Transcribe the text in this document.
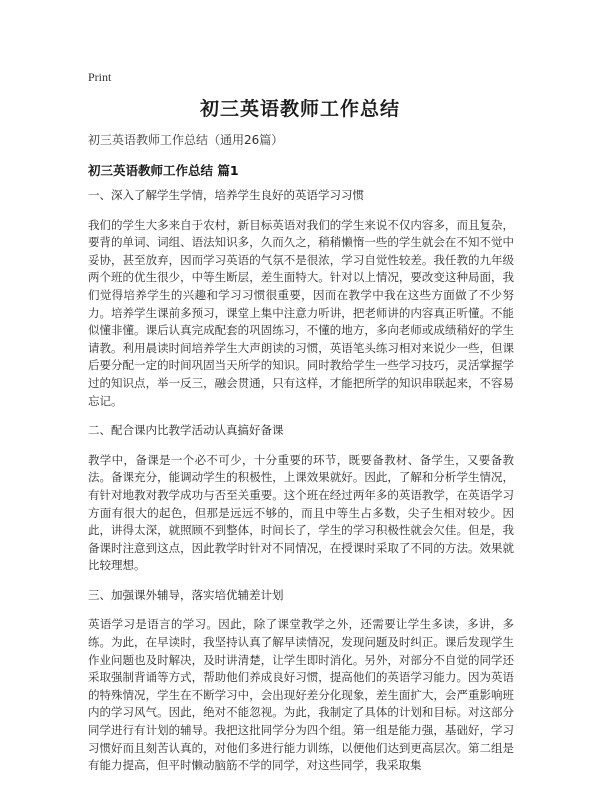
Print
初三英语教师工作总结
初三英语教师工作总结（通用26篇）
初三英语教师工作总结 篇1
一、深入了解学生学情，培养学生良好的英语学习习惯

我们的学生大多来自于农村，新目标英语对我们的学生来说不仅内容多，而且复杂，要背的单词、词组、语法知识多，久而久之，稍稍懒惰一些的学生就会在不知不觉中妥协，甚至放弃，因而学习英语的气氛不是很浓，学习自觉性较差。我任教的九年级两个班的优生很少，中等生断层，差生面特大。针对以上情况，要改变这种局面，我们觉得培养学生的兴趣和学习习惯很重要，因而在教学中我在这些方面做了不少努力。培养学生课前多预习，课堂上集中注意力听讲，把老师讲的内容真正听懂。不能似懂非懂。课后认真完成配套的巩固练习，不懂的地方，多向老师或成绩稍好的学生请教。利用晨读时间培养学生大声朗读的习惯，英语笔头练习相对来说少一些，但课后要分配一定的时间巩固当天所学的知识。同时教给学生一些学习技巧，灵活掌握学过的知识点，举一反三，融会贯通，只有这样，才能把所学的知识串联起来，不容易忘记。

二、配合课内比教学活动认真搞好备课

教学中，备课是一个必不可少，十分重要的环节，既要备教材、备学生，又要备教法。备课充分，能调动学生的积极性，上课效果就好。因此，了解和分析学生情况，有针对地教对教学成功与否至关重要。这个班在经过两年多的英语教学，在英语学习方面有很大的起色，但那是远远不够的，而且中等生占多数，尖子生相对较少。因此，讲得太深，就照顾不到整体，时间长了，学生的学习积极性就会欠佳。但是，我备课时注意到这点，因此教学时针对不同情况，在授课时采取了不同的方法。效果就比较理想。

三、加强课外辅导，落实培优辅差计划

英语学习是语言的学习。因此，除了课堂教学之外，还需要让学生多读，多讲，多练。为此，在早读时，我坚持认真了解早读情况，发现问题及时纠正。课后发现学生作业问题也及时解决，及时讲清楚，让学生即时消化。另外，对部分不自觉的同学还采取强制背诵等方式，帮助他们养成良好习惯，提高他们的英语学习能力。因为英语的特殊情况，学生在不断学习中，会出现好差分化现象，差生面扩大，会严重影响班内的学习风气。因此，绝对不能忽视。为此，我制定了具体的计划和目标。对这部分同学进行有计划的辅导。我把这批同学分为四个组。第一组是能力强，基础好，学习习惯好而且刻苦认真的，对他们多进行能力训练，以便他们达到更高层次。第二组是有能力提高，但平时懒动脑筋不学的同学，对这些同学，我采取集
